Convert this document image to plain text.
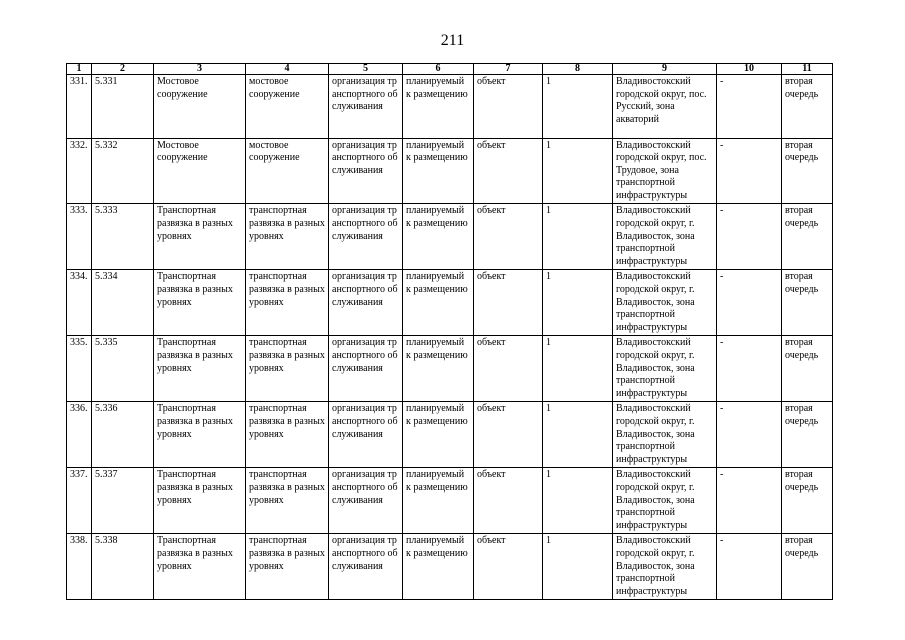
211
1	2	3	4	5	6	7	8	9	10	11
331.	5.331	Мостовое сооружение	мостовое сооружение	организация транспортного обслуживания	планируемый к размещению	объект	1	Владивостокский городской округ, пос. Русский, зона акваторий	-	вторая очередь
332.	5.332	Мостовое сооружение	мостовое сооружение	организация транспортного обслуживания	планируемый к размещению	объект	1	Владивостокский городской округ, пос. Трудовое, зона транспортной инфраструктуры	-	вторая очередь
333.	5.333	Транспортная развязка в разных уровнях	транспортная развязка в разных уровнях	организация транспортного обслуживания	планируемый к размещению	объект	1	Владивостокский городской округ, г. Владивосток, зона транспортной инфраструктуры	-	вторая очередь
334.	5.334	Транспортная развязка в разных уровнях	транспортная развязка в разных уровнях	организация транспортного обслуживания	планируемый к размещению	объект	1	Владивостокский городской округ, г. Владивосток, зона транспортной инфраструктуры	-	вторая очередь
335.	5.335	Транспортная развязка в разных уровнях	транспортная развязка в разных уровнях	организация транспортного обслуживания	планируемый к размещению	объект	1	Владивостокский городской округ, г. Владивосток, зона транспортной инфраструктуры	-	вторая очередь
336.	5.336	Транспортная развязка в разных уровнях	транспортная развязка в разных уровнях	организация транспортного обслуживания	планируемый к размещению	объект	1	Владивостокский городской округ, г. Владивосток, зона транспортной инфраструктуры	-	вторая очередь
337.	5.337	Транспортная развязка в разных уровнях	транспортная развязка в разных уровнях	организация транспортного обслуживания	планируемый к размещению	объект	1	Владивостокский городской округ, г. Владивосток, зона транспортной инфраструктуры	-	вторая очередь
338.	5.338	Транспортная развязка в разных уровнях	транспортная развязка в разных уровнях	организация транспортного обслуживания	планируемый к размещению	объект	1	Владивостокский городской округ, г. Владивосток, зона транспортной инфраструктуры	-	вторая очередь
